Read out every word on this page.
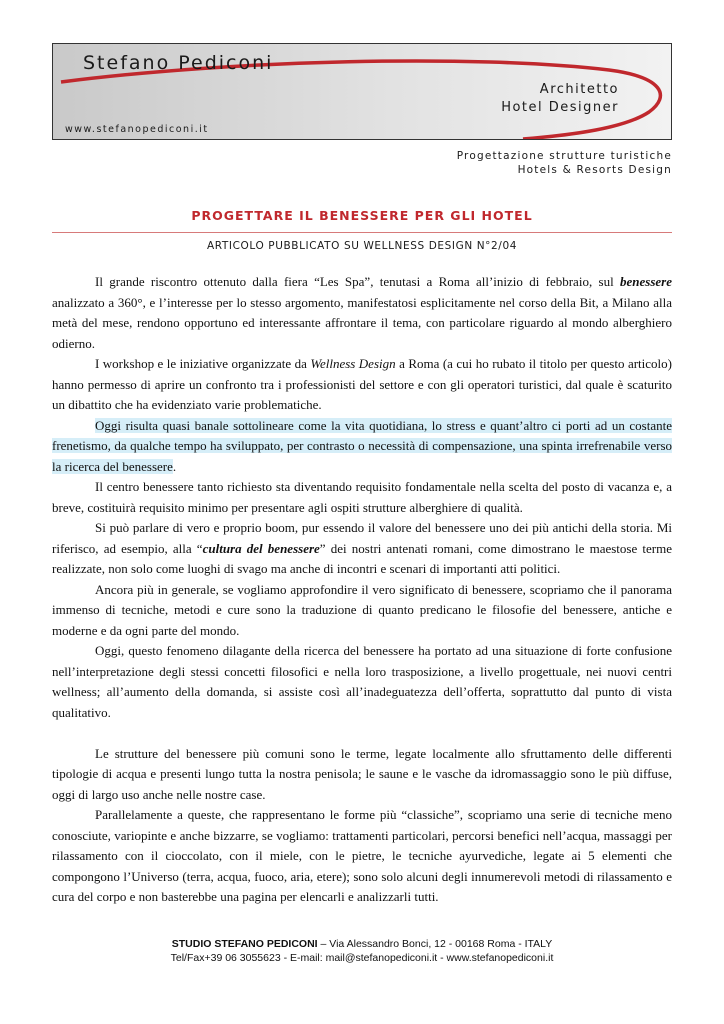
Stefano Pediconi
Architetto
Hotel Designer
www.stefanopediconi.it
Progettazione strutture turistiche
Hotels & Resorts Design
PROGETTARE IL BENESSERE PER GLI HOTEL
ARTICOLO PUBBLICATO SU WELLNESS DESIGN N°2/04

Il grande riscontro ottenuto dalla fiera “Les Spa”, tenutasi a Roma all’inizio di febbraio, sul benessere analizzato a 360°, e l’interesse per lo stesso argomento, manifestatosi esplicitamente nel corso della Bit, a Milano alla metà del mese, rendono opportuno ed interessante affrontare il tema, con particolare riguardo al mondo alberghiero odierno.

I workshop e le iniziative organizzate da Wellness Design a Roma (a cui ho rubato il titolo per questo articolo) hanno permesso di aprire un confronto tra i professionisti del settore e con gli operatori turistici, dal quale è scaturito un dibattito che ha evidenziato varie problematiche.

Oggi risulta quasi banale sottolineare come la vita quotidiana, lo stress e quant’altro ci porti ad un costante frenetismo, da qualche tempo ha sviluppato, per contrasto o necessità di compensazione, una spinta irrefrenabile verso la ricerca del benessere.

Il centro benessere tanto richiesto sta diventando requisito fondamentale nella scelta del posto di vacanza e, a breve, costituirà requisito minimo per presentare agli ospiti strutture alberghiere di qualità.

Si può parlare di vero e proprio boom, pur essendo il valore del benessere uno dei più antichi della storia. Mi riferisco, ad esempio, alla “cultura del benessere” dei nostri antenati romani, come dimostrano le maestose terme realizzate, non solo come luoghi di svago ma anche di incontri e scenari di importanti atti politici.

Ancora più in generale, se vogliamo approfondire il vero significato di benessere, scopriamo che il panorama immenso di tecniche, metodi e cure sono la traduzione di quanto predicano le filosofie del benessere, antiche e moderne e da ogni parte del mondo.

Oggi, questo fenomeno dilagante della ricerca del benessere ha portato ad una situazione di forte confusione nell’interpretazione degli stessi concetti filosofici e nella loro trasposizione, a livello progettuale, nei nuovi centri wellness; all’aumento della domanda, si assiste così all’inadeguatezza dell’offerta, soprattutto dal punto di vista qualitativo.

Le strutture del benessere più comuni sono le terme, legate localmente allo sfruttamento delle differenti tipologie di acqua e presenti lungo tutta la nostra penisola; le saune e le vasche da idromassaggio sono le più diffuse, oggi di largo uso anche nelle nostre case.

Parallelamente a queste, che rappresentano le forme più “classiche”, scopriamo una serie di tecniche meno conosciute, variopinte e anche bizzarre, se vogliamo: trattamenti particolari, percorsi benefici nell’acqua, massaggi per rilassamento con il cioccolato, con il miele, con le pietre, le tecniche ayurvediche, legate ai 5 elementi che compongono l’Universo (terra, acqua, fuoco, aria, etere); sono solo alcuni degli innumerevoli metodi di rilassamento e cura del corpo e non basterebbe una pagina per elencarli e analizzarli tutti.

STUDIO STEFANO PEDICONI – Via Alessandro Bonci, 12 - 00168 Roma - ITALY
Tel/Fax+39 06 3055623 - E-mail: mail@stefanopediconi.it - www.stefanopediconi.it
